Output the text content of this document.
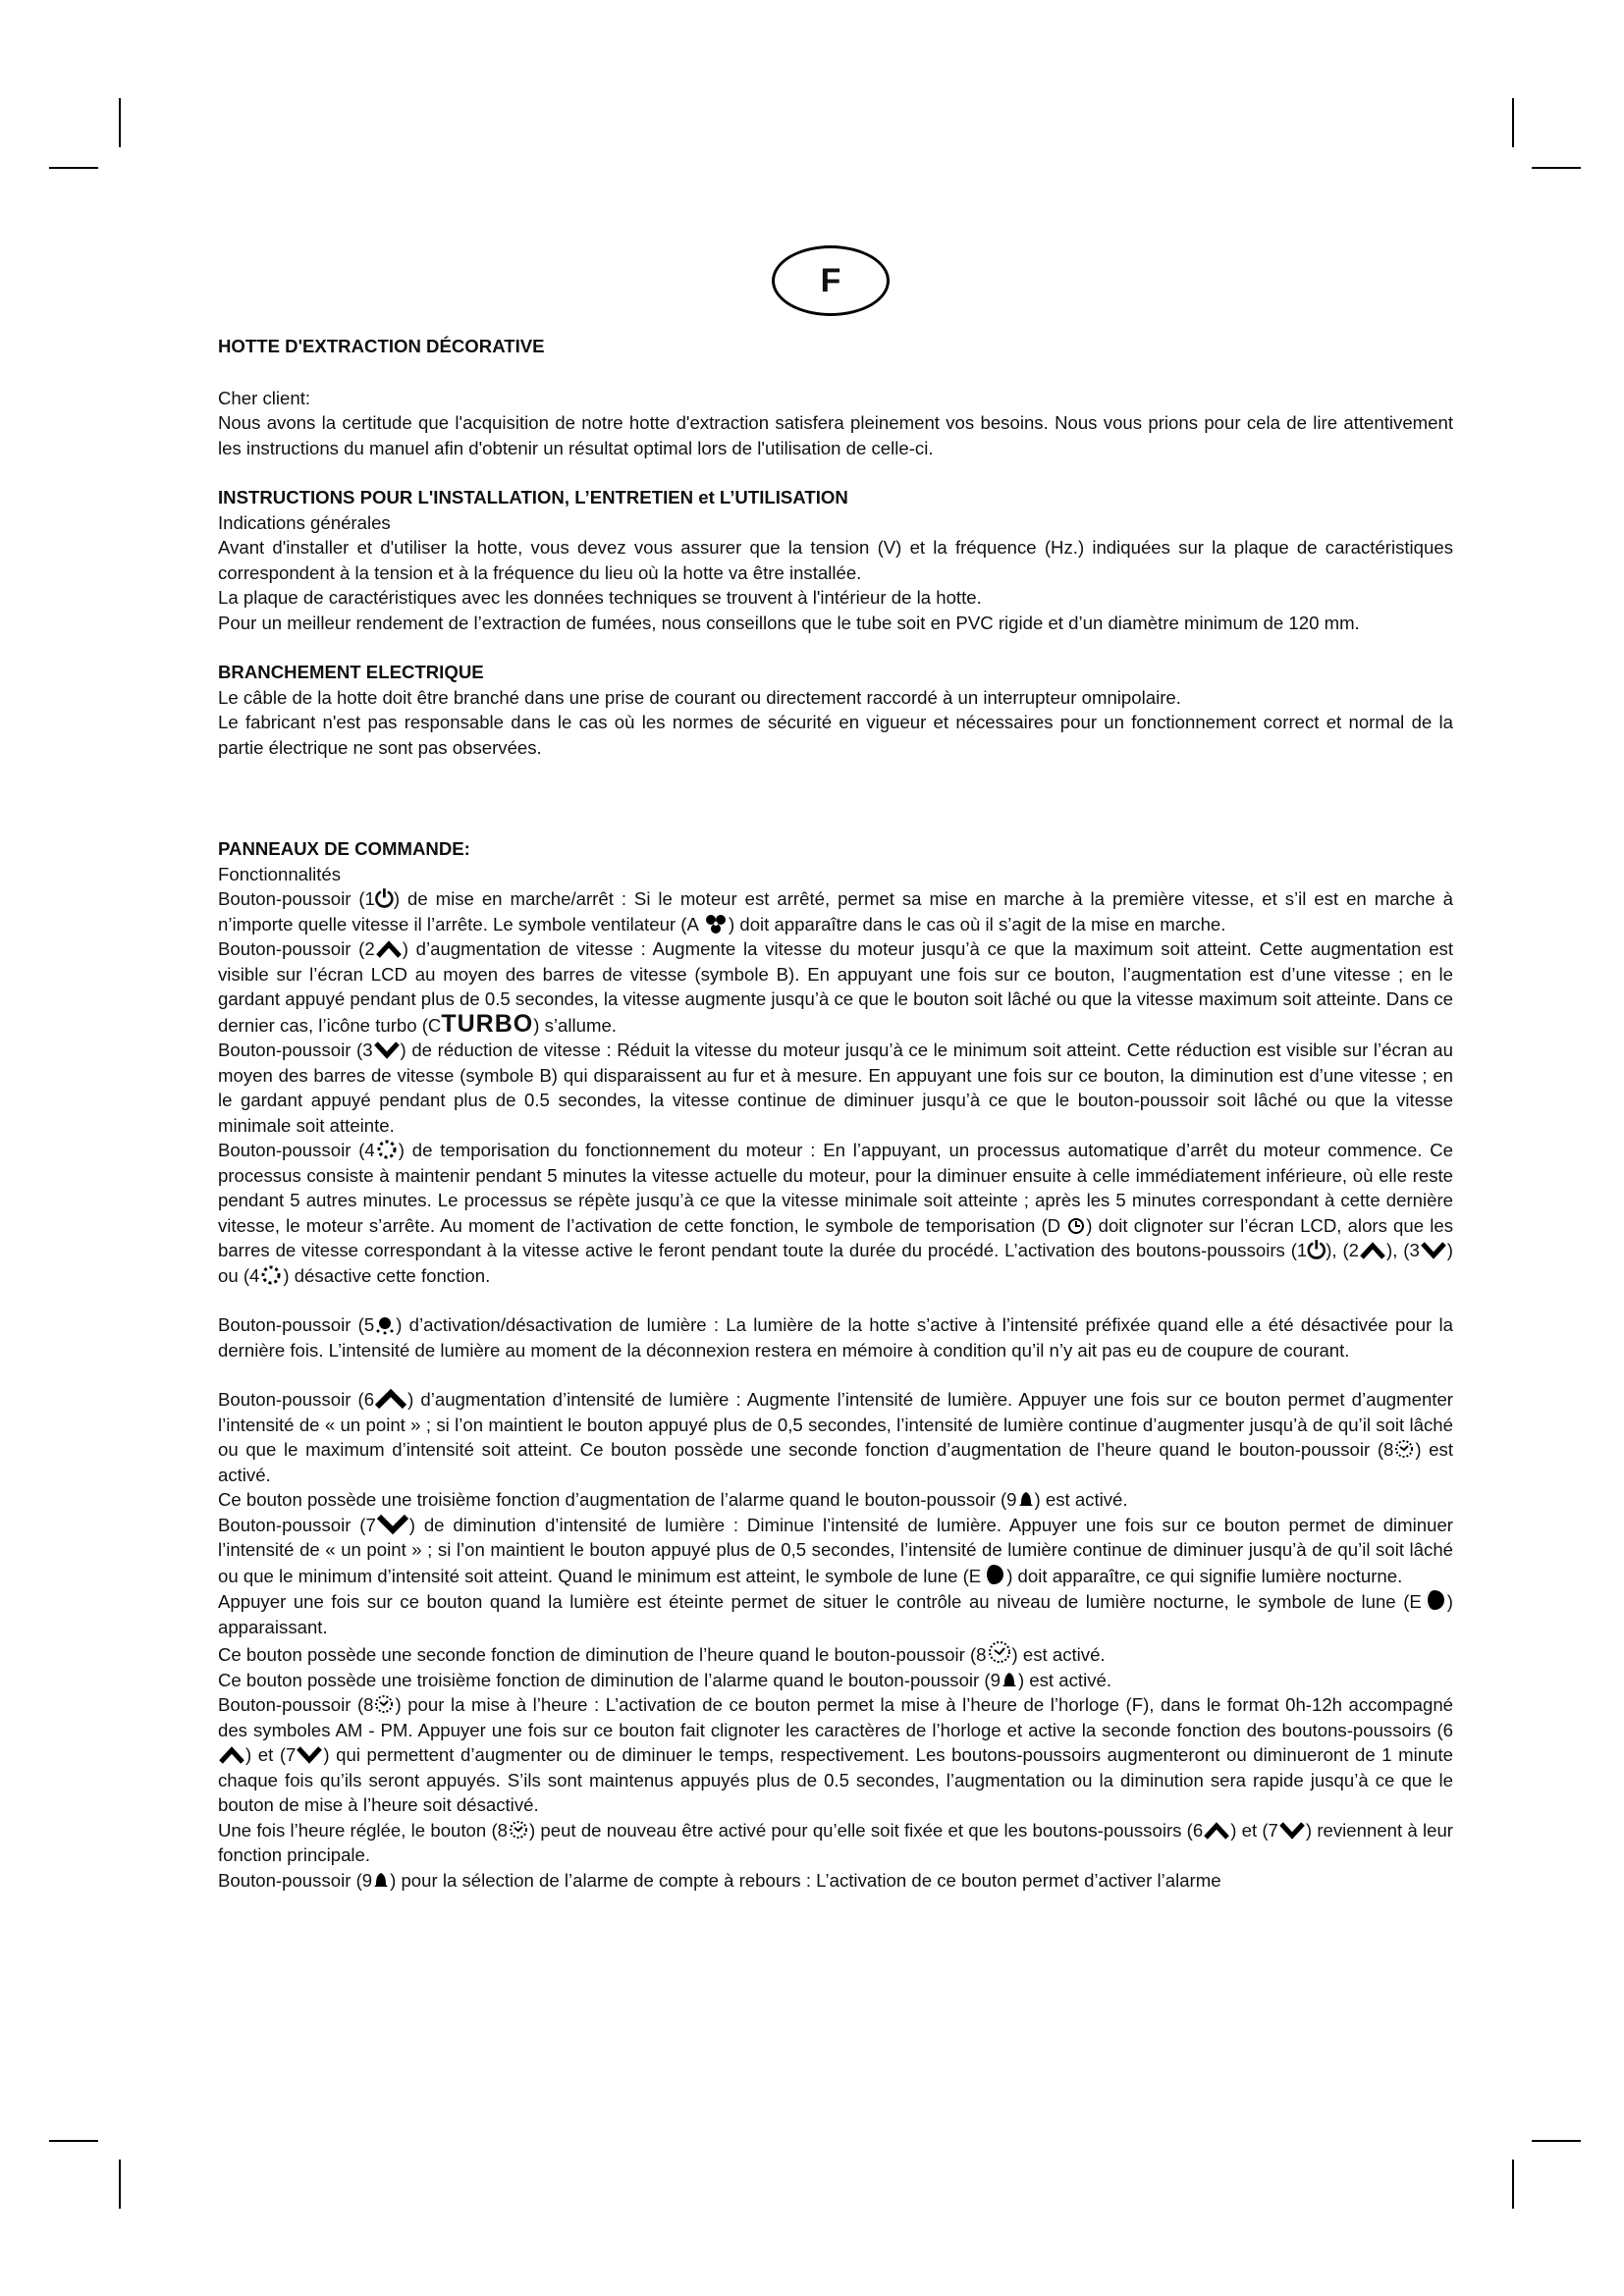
F

HOTTE D'EXTRACTION DÉCORATIVE

Cher client:

Nous avons la certitude que l'acquisition de notre hotte d'extraction satisfera pleinement vos besoins. Nous vous prions pour cela de lire attentivement les instructions du manuel afin d'obtenir un résultat optimal lors de l'utilisation de celle-ci.

INSTRUCTIONS POUR L'INSTALLATION, L’ENTRETIEN et L’UTILISATION

Indications générales

Avant d'installer et d'utiliser la hotte, vous devez vous assurer que la tension (V) et la fréquence (Hz.) indiquées sur la plaque de caractéristiques correspondent à la tension et à la fréquence du lieu où la hotte va être installée.

La plaque de caractéristiques avec les données techniques se trouvent à l'intérieur de la hotte.

Pour un meilleur rendement de l’extraction de fumées, nous conseillons que le tube soit en PVC rigide et d’un diamètre minimum de 120 mm.

BRANCHEMENT ELECTRIQUE

Le câble de la hotte doit être branché dans une prise de courant ou directement raccordé à un interrupteur omnipolaire.

Le fabricant n'est pas responsable dans le cas où les normes de sécurité en vigueur et nécessaires pour un fonctionnement correct et normal de la partie électrique ne sont pas observées.

PANNEAUX DE COMMANDE:

Fonctionnalités

Bouton-poussoir (1⏻) de mise en marche/arrêt : Si le moteur est arrêté, permet sa mise en marche à la première vitesse, et s’il est en marche à n’importe quelle vitesse il l’arrête. Le symbole ventilateur (A ) doit apparaître dans le cas où il s’agit de la mise en marche.

Bouton-poussoir (2 ) d’augmentation de vitesse : Augmente la vitesse du moteur jusqu’à ce que la maximum soit atteint. Cette augmentation est visible sur l’écran LCD au moyen des barres de vitesse (symbole B). En appuyant une fois sur ce bouton, l’augmentation est d’une vitesse ; en le gardant appuyé pendant plus de 0.5 secondes, la vitesse augmente jusqu’à ce que le bouton soit lâché ou que la vitesse maximum soit atteinte. Dans ce dernier cas, l’icône turbo (CTURBO) s’allume.

Bouton-poussoir (3 ) de réduction de vitesse : Réduit la vitesse du moteur jusqu’à ce le minimum soit atteint. Cette réduction est visible sur l’écran au moyen des barres de vitesse (symbole B) qui disparaissent au fur et à mesure. En appuyant une fois sur ce bouton, la diminution est d’une vitesse ; en le gardant appuyé pendant plus de 0.5 secondes, la vitesse continue de diminuer jusqu’à ce que le bouton-poussoir soit lâché ou que la vitesse minimale soit atteinte.

Bouton-poussoir (4 ) de temporisation du fonctionnement du moteur : En l’appuyant, un processus automatique d’arrêt du moteur commence. Ce processus consiste à maintenir pendant 5 minutes la vitesse actuelle du moteur, pour la diminuer ensuite à celle immédiatement inférieure, où elle reste pendant 5 autres minutes. Le processus se répète jusqu’à ce que la vitesse minimale soit atteinte ; après les 5 minutes correspondant à cette dernière vitesse, le moteur s’arrête. Au moment de l’activation de cette fonction, le symbole de temporisation (D ) doit clignoter sur l’écran LCD, alors que les barres de vitesse correspondant à la vitesse active le feront pendant toute la durée du procédé. L’activation des boutons-poussoirs (1⏻), (2 ), (3 ) ou (4 ) désactive cette fonction.

Bouton-poussoir (5 ) d’activation/désactivation de lumière : La lumière de la hotte s’active à l’intensité préfixée quand elle a été désactivée pour la dernière fois. L’intensité de lumière au moment de la déconnexion restera en mémoire à condition qu’il n’y ait pas eu de coupure de courant.

Bouton-poussoir (6 ) d’augmentation d’intensité de lumière : Augmente l’intensité de lumière. Appuyer une fois sur ce bouton permet d’augmenter l’intensité de « un point » ; si l’on maintient le bouton appuyé plus de 0,5 secondes, l’intensité de lumière continue d’augmenter jusqu’à de qu’il soit lâché ou que le maximum d’intensité soit atteint. Ce bouton possède une seconde fonction d’augmentation de l’heure quand le bouton-poussoir (8 ) est activé.

Ce bouton possède une troisième fonction d’augmentation de l’alarme quand le bouton-poussoir (9 ) est activé.

Bouton-poussoir (7 ) de diminution d’intensité de lumière : Diminue l’intensité de lumière. Appuyer une fois sur ce bouton permet de diminuer l’intensité de « un point » ; si l’on maintient le bouton appuyé plus de 0,5 secondes, l’intensité de lumière continue de diminuer jusqu’à de qu’il soit lâché ou que le minimum d’intensité soit atteint. Quand le minimum est atteint, le symbole de lune (E ) doit apparaître, ce qui signifie lumière nocturne.

Appuyer une fois sur ce bouton quand la lumière est éteinte permet de situer le contrôle au niveau de lumière nocturne, le symbole de lune (E ) apparaissant.

Ce bouton possède une seconde fonction de diminution de l’heure quand le bouton-poussoir (8 ) est activé.

Ce bouton possède une troisième fonction de diminution de l’alarme quand le bouton-poussoir (9 ) est activé.

Bouton-poussoir (8 ) pour la mise à l’heure : L’activation de ce bouton permet la mise à l’heure de l’horloge (F), dans le format 0h-12h accompagné des symboles AM - PM. Appuyer une fois sur ce bouton fait clignoter les caractères de l’horloge et active la seconde fonction des boutons-poussoirs (6) et (7 ) qui permettent d’augmenter ou de diminuer le temps, respectivement. Les boutons-poussoirs augmenteront ou diminueront de 1 minute chaque fois qu’ils seront appuyés. S’ils sont maintenus appuyés plus de 0.5 secondes, l’augmentation ou la diminution sera rapide jusqu’à ce que le bouton de mise à l’heure soit désactivé.

Une fois l’heure réglée, le bouton (8 ) peut de nouveau être activé pour qu’elle soit fixée et que les boutons-poussoirs (6 ) et (7 ) reviennent à leur fonction principale.

Bouton-poussoir (9 ) pour la sélection de l’alarme de compte à rebours : L’activation de ce bouton permet d’activer l’alarme
